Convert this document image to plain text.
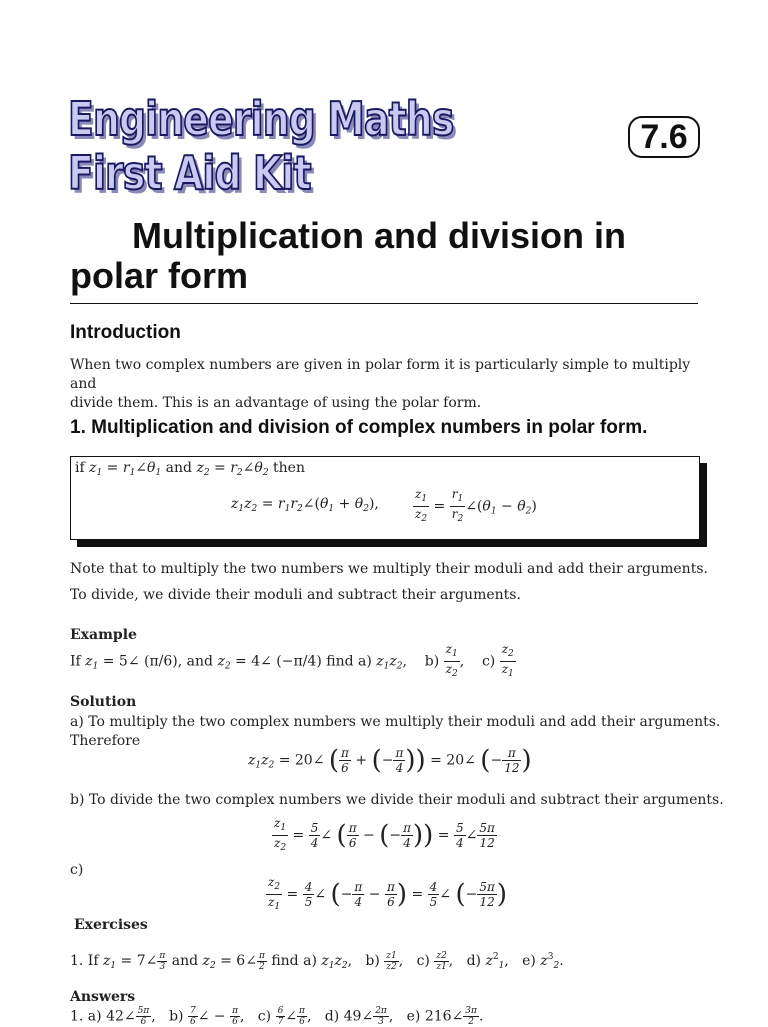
Engineering Maths
First Aid Kit
7.6
Multiplication and division in
polar form
Introduction
When two complex numbers are given in polar form it is particularly simple to multiply and
divide them. This is an advantage of using the polar form.
1. Multiplication and division of complex numbers in polar form.
if $z_1$ = $r_1\angle\theta_1$ and $z_2$ = $r_2\angle\theta_2$ then
$z_1z_2$ = $r_1r_2\angle(\theta_1 + \theta_2)$,	$\frac{z_1}{z_2} = \frac{r_1}{r_2}$ $\angle(\theta_1 - \theta_2)$
Note that to multiply the two numbers we multiply their moduli and add their arguments.
To divide, we divide their moduli and subtract their arguments.
Example
If $z_1$ = 5∠ (π/6), and $z_2$ = 4∠ (−π/4) find a) $z_1z_2$,    $b) \frac{z_1}{z_2}$ ,    $c) \frac{z_2}{z_1}$
Solution
a) To multiply the two complex numbers we multiply their moduli and add their arguments.
Therefore
$z_1z_2$ = 20∠ ( $\frac{\pi}{6}$ + (− $\frac{\pi}{4}$ )) = 20∠ (− $\frac{\pi}{12}$ )
b) To divide the two complex numbers we divide their moduli and subtract their arguments.
$\frac{z_1}{z_2} = \frac{5}{4}$ ∠ ( $\frac{\pi}{6}$ − (− $\frac{\pi}{4}$ )) = $\frac{5}{4}$ ∠ $\frac{5\pi}{12}$
c)
$\frac{z_2}{z_1} = \frac{4}{5}$ ∠ (− $\frac{\pi}{4} - \frac{\pi}{6}$ ) = $\frac{4}{5}$ ∠ (− $\frac{5\pi}{12}$ )
Exercises
1. If $z_1$ = 7∠ $\frac{\pi}{3}$ and $z_2$ = 6∠ $\frac{\pi}{2}$ find a) $z_1z_2$,   $b) \frac{z1}{z2}$ ,   $c) \frac{z2}{z1}$ ,   d) $z^2_1$,   e) $z^3_2$.
Answers
1. a) 42∠ $\frac{5\pi}{6}$ ,   $b) \frac{7}{6}$ ∠ − $\frac{\pi}{6}$ ,   $c) \frac{6}{7}$ ∠ $\frac{\pi}{6}$ ,   d) 49∠ $\frac{2\pi}{3}$ ,   e) 216∠ $\frac{3\pi}{2}$ .
